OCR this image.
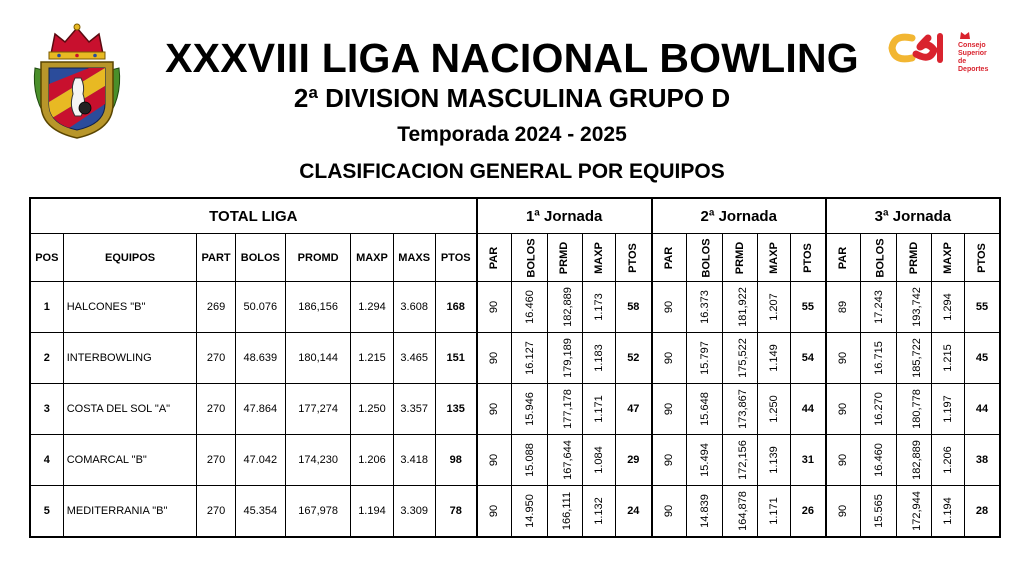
Consejo
Superior
de Deportes
XXXVIII LIGA NACIONAL BOWLING
2ª DIVISION MASCULINA GRUPO D
Temporada 2024 - 2025
CLASIFICACION GENERAL POR EQUIPOS
TOTAL LIGA								1ª Jornada					2ª Jornada					3ª Jornada				
POS	EQUIPOS	PART	BOLOS	PROMD	MAXP	MAXS	PTOS	PAR	BOLOS	PRMD	MAXP	PTOS	PAR	BOLOS	PRMD	MAXP	PTOS	PAR	BOLOS	PRMD	MAXP	PTOS
1	HALCONES "B"	269	50.076	186,156	1.294	3.608	168	90	16.460	182,889	1.173	58	90	16.373	181,922	1.207	55	89	17.243	193,742	1.294	55
2	INTERBOWLING	270	48.639	180,144	1.215	3.465	151	90	16.127	179,189	1.183	52	90	15.797	175,522	1.149	54	90	16.715	185,722	1.215	45
3	COSTA DEL SOL "A"	270	47.864	177,274	1.250	3.357	135	90	15.946	177,178	1.171	47	90	15.648	173,867	1.250	44	90	16.270	180,778	1.197	44
4	COMARCAL "B"	270	47.042	174,230	1.206	3.418	98	90	15.088	167,644	1.084	29	90	15.494	172,156	1.139	31	90	16.460	182,889	1.206	38
5	MEDITERRANIA "B"	270	45.354	167,978	1.194	3.309	78	90	14.950	166,111	1.132	24	90	14.839	164,878	1.171	26	90	15.565	172,944	1.194	28
